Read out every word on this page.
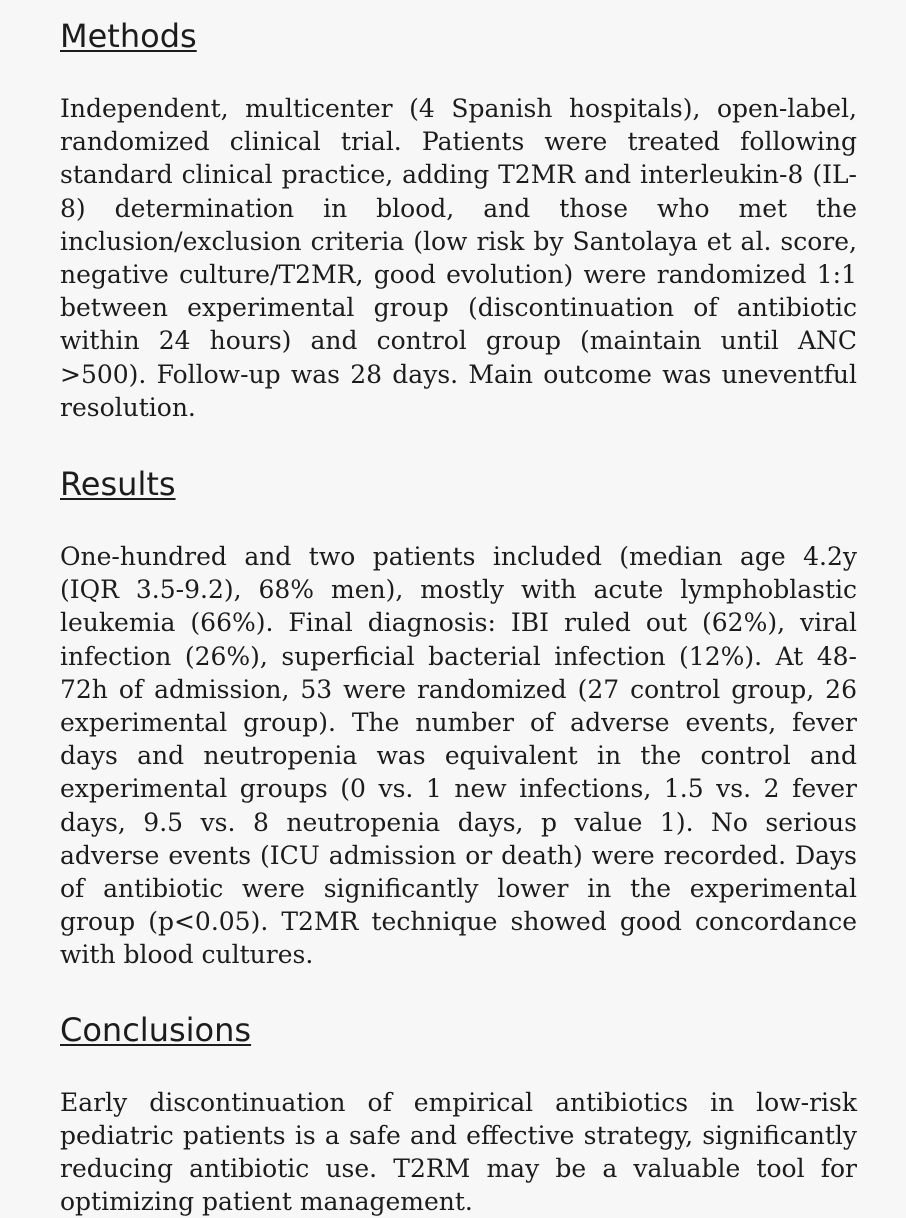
Methods

Independent, multicenter (4 Spanish hospitals), open-label, randomized clinical trial. Patients were treated following standard clinical practice, adding T2MR and interleukin-8 (IL-8) determination in blood, and those who met the inclusion/exclusion criteria (low risk by Santolaya et al. score, negative culture/T2MR, good evolution) were randomized 1:1 between experimental group (discontinuation of antibiotic within 24 hours) and control group (maintain until ANC >500). Follow-up was 28 days. Main outcome was uneventful resolution.

Results

One-hundred and two patients included (median age 4.2y (IQR 3.5-9.2), 68% men), mostly with acute lymphoblastic leukemia (66%). Final diagnosis: IBI ruled out (62%), viral infection (26%), superficial bacterial infection (12%). At 48-72h of admission, 53 were randomized (27 control group, 26 experimental group). The number of adverse events, fever days and neutropenia was equivalent in the control and experimental groups (0 vs. 1 new infections, 1.5 vs. 2 fever days, 9.5 vs. 8 neutropenia days, p value 1). No serious adverse events (ICU admission or death) were recorded. Days of antibiotic were significantly lower in the experimental group (p<0.05). T2MR technique showed good concordance with blood cultures.

Conclusions

Early discontinuation of empirical antibiotics in low-risk pediatric patients is a safe and effective strategy, significantly reducing antibiotic use. T2RM may be a valuable tool for optimizing patient management.
